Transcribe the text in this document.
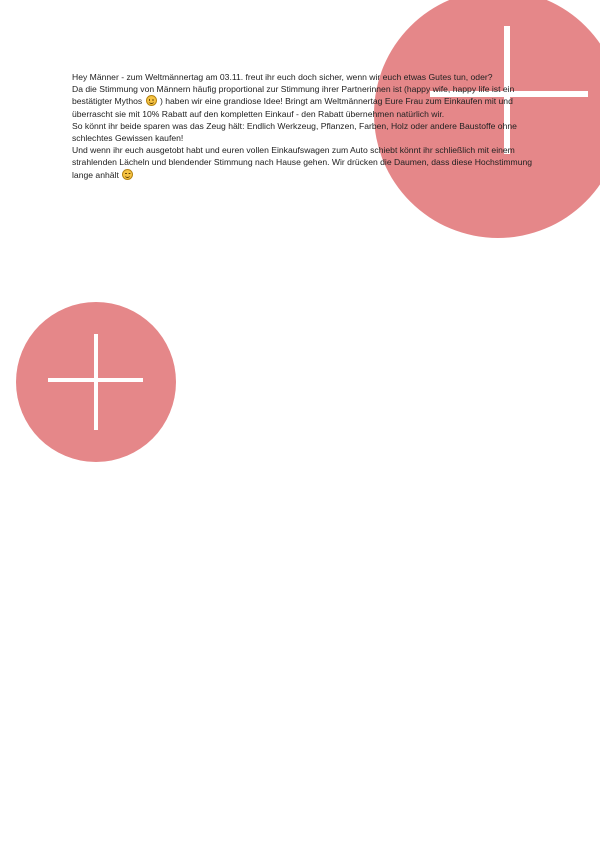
Hey Männer - zum Weltmännertag am 03.11. freut ihr euch doch sicher, wenn wir euch etwas Gutes tun, oder?

Da die Stimmung von Männern häufig proportional zur Stimmung ihrer Partnerinnen ist (happy wife, happy life ist ein bestätigter Mythos ) haben wir eine grandiose Idee! Bringt am Weltmännertag Eure Frau zum Einkaufen mit und überrascht sie mit 10% Rabatt auf den kompletten Einkauf - den Rabatt übernehmen natürlich wir.

So könnt ihr beide sparen was das Zeug hält: Endlich Werkzeug, Pflanzen, Farben, Holz oder andere Baustoffe ohne schlechtes Gewissen kaufen!

Und wenn ihr euch ausgetobt habt und euren vollen Einkaufswagen zum Auto schiebt könnt ihr schließlich mit einem strahlenden Lächeln und blendender Stimmung nach Hause gehen. Wir drücken die Daumen, dass diese Hochstimmung lange anhält
